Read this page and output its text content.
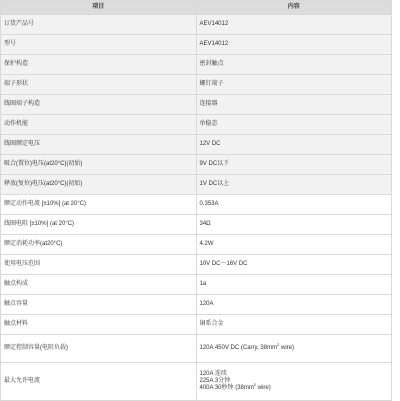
项目	内容
订货产品号	AEV14012
型号	AEV14012
保护构造	密封触点
端子形状	螺钉端子
线圈端子构造	连接器
动作机能	单稳态
线圈额定电压	12V DC
吸合(置位)电压(at20°C)(初始)	9V DC以下
释放(复位)电压(at20°C)(初始)	1V DC以上
额定动作电流 [±10%] (at 20°C)	0.353A
线圈电阻 [±10%] (at 20°C)	34Ω
额定消耗功率(at20°C)	4.2W
使用电压范围	10V DC～16V DC
触点构成	1a
触点容量	120A
触点材料	铜系合金
额定控制容量(电阻负载)	120A 450V DC (Carry, $38mm^2$ wire)
最大允许电流	120A 连续
225A 3分钟
400A 30秒钟 ($38mm^2$ wire)
